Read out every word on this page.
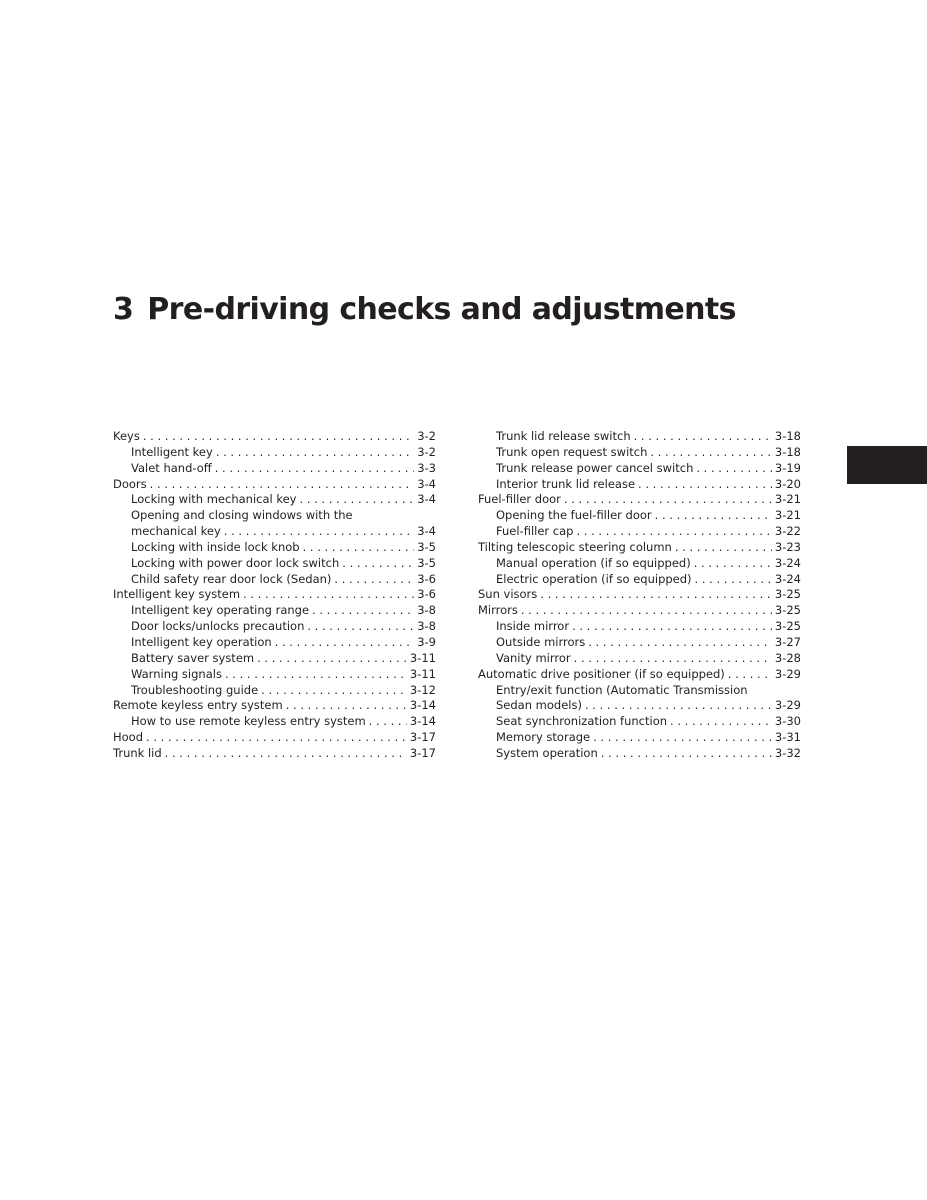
3 Pre-driving checks and adjustments
Keys . . .	3-2
Intelligent key . . .	3-2
Valet hand-off . . .	3-3
Doors . . .	3-4
Locking with mechanical key . . .	3-4
Opening and closing windows with the
mechanical key . . .	3-4
Locking with inside lock knob . . .	3-5
Locking with power door lock switch . . .	3-5
Child safety rear door lock (Sedan) . . .	3-6
Intelligent key system . . .	3-6
Intelligent key operating range . . .	3-8
Door locks/unlocks precaution . . .	3-8
Intelligent key operation . . .	3-9
Battery saver system . . .	3-11
Warning signals . . .	3-11
Troubleshooting guide . . .	3-12
Remote keyless entry system . . .	3-14
How to use remote keyless entry system . . .	3-14
Hood . . .	3-17
Trunk lid . . .	3-17
Trunk lid release switch . . .	3-18
Trunk open request switch . . .	3-18
Trunk release power cancel switch . . .	3-19
Interior trunk lid release . . .	3-20
Fuel-filler door . . .	3-21
Opening the fuel-filler door . . .	3-21
Fuel-filler cap . . .	3-22
Tilting telescopic steering column . . .	3-23
Manual operation (if so equipped) . . .	3-24
Electric operation (if so equipped) . . .	3-24
Sun visors . . .	3-25
Mirrors . . .	3-25
Inside mirror . . .	3-25
Outside mirrors . . .	3-27
Vanity mirror . . .	3-28
Automatic drive positioner (if so equipped) . . .	3-29
Entry/exit function (Automatic Transmission
Sedan models) . . .	3-29
Seat synchronization function . . .	3-30
Memory storage . . .	3-31
System operation . . .	3-32
